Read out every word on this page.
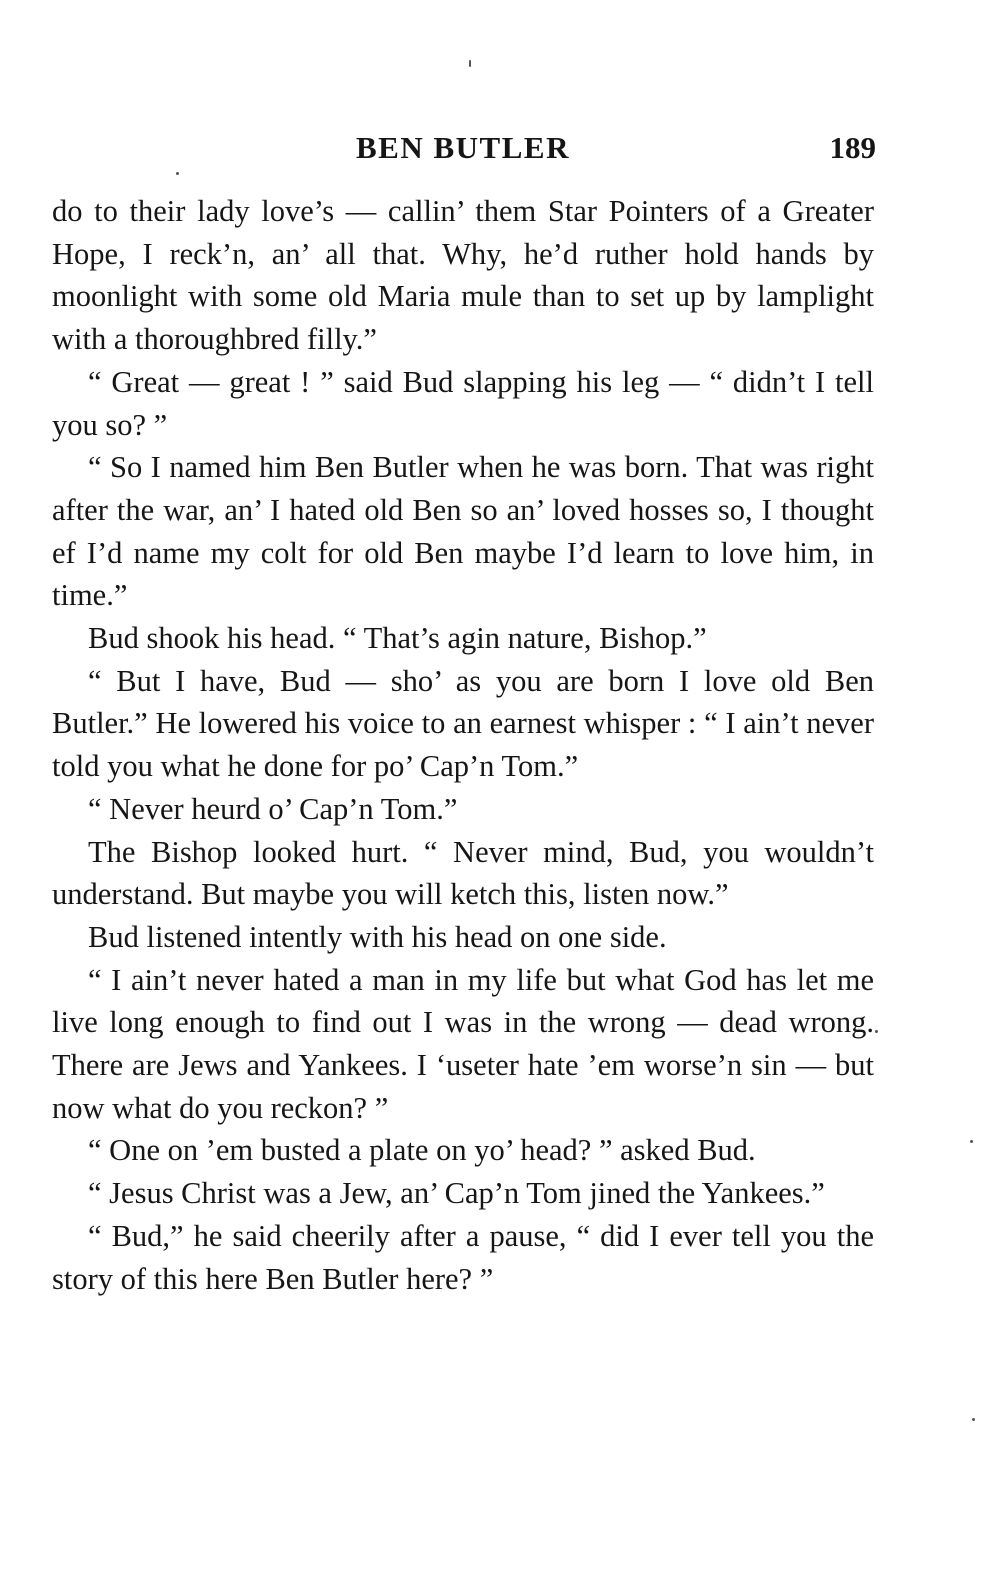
BEN BUTLER	189

do to their lady love’s — callin’ them Star Pointers of a Greater Hope, I reck’n, an’ all that. Why, he’d ruther hold hands by moonlight with some old Maria mule than to set up by lamplight with a thoroughbred filly.”

“ Great — great ! ” said Bud slapping his leg — “ didn’t I tell you so? ”

“ So I named him Ben Butler when he was born. That was right after the war, an’ I hated old Ben so an’ loved hosses so, I thought ef I’d name my colt for old Ben maybe I’d learn to love him, in time.”

Bud shook his head. “ That’s agin nature, Bishop.”

“ But I have, Bud — sho’ as you are born I love old Ben Butler.” He lowered his voice to an earnest whisper : “ I ain’t never told you what he done for po’ Cap’n Tom.”

“ Never heurd o’ Cap’n Tom.”

The Bishop looked hurt. “ Never mind, Bud, you wouldn’t understand. But maybe you will ketch this, listen now.”

Bud listened intently with his head on one side.

“ I ain’t never hated a man in my life but what God has let me live long enough to find out I was in the wrong — dead wrong. There are Jews and Yankees. I ‘useter hate ’em worse’n sin — but now what do you reckon? ”

“ One on ’em busted a plate on yo’ head? ” asked Bud.

“ Jesus Christ was a Jew, an’ Cap’n Tom jined the Yankees.”

“ Bud,” he said cheerily after a pause, “ did I ever tell you the story of this here Ben Butler here? ”
